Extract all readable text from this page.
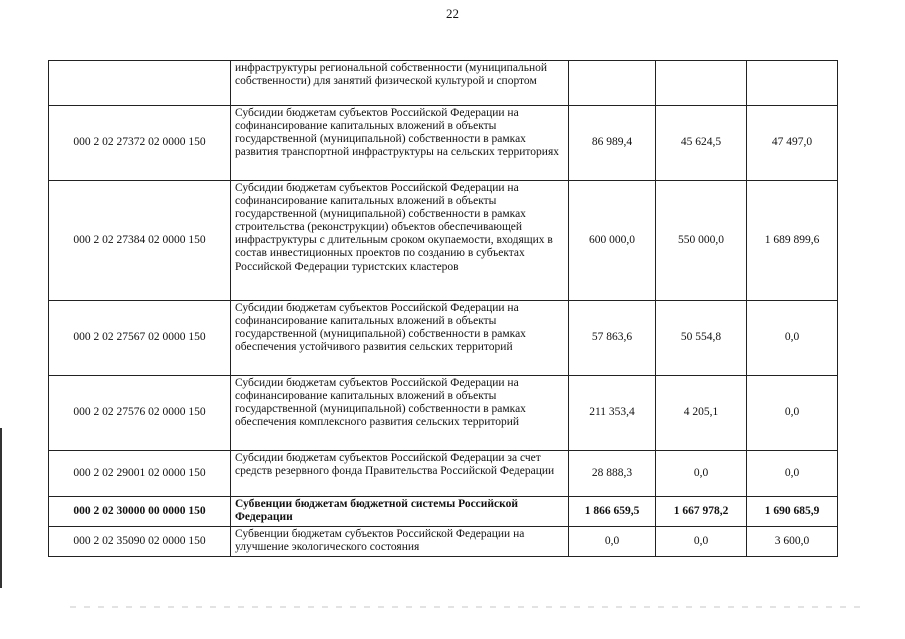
22
	инфраструктуры региональной собственности (муниципальной собственности) для занятий физической культурой и спортом			
000 2 02 27372 02 0000 150	Субсидии бюджетам субъектов Российской Федерации на софинансирование капитальных вложений в объекты государственной (муниципальной) собственности в рамках развития транспортной инфраструктуры на сельских территориях	86 989,4	45 624,5	47 497,0
000 2 02 27384 02 0000 150	Субсидии бюджетам субъектов Российской Федерации на софинансирование капитальных вложений в объекты государственной (муниципальной) собственности в рамках строительства (реконструкции) объектов обеспечивающей инфраструктуры с длительным сроком окупаемости, входящих в состав инвестиционных проектов по созданию в субъектах Российской Федерации туристских кластеров	600 000,0	550 000,0	1 689 899,6
000 2 02 27567 02 0000 150	Субсидии бюджетам субъектов Российской Федерации на софинансирование капитальных вложений в объекты государственной (муниципальной) собственности в рамках обеспечения устойчивого развития сельских территорий	57 863,6	50 554,8	0,0
000 2 02 27576 02 0000 150	Субсидии бюджетам субъектов Российской Федерации на софинансирование капитальных вложений в объекты государственной (муниципальной) собственности в рамках обеспечения комплексного развития сельских территорий	211 353,4	4 205,1	0,0
000 2 02 29001 02 0000 150	Субсидии бюджетам субъектов Российской Федерации за счет средств резервного фонда Правительства Российской Федерации	28 888,3	0,0	0,0
000 2 02 30000 00 0000 150	Субвенции бюджетам бюджетной системы Российской Федерации	1 866 659,5	1 667 978,2	1 690 685,9
000 2 02 35090 02 0000 150	Субвенции бюджетам субъектов Российской Федерации на улучшение экологического состояния	0,0	0,0	3 600,0
